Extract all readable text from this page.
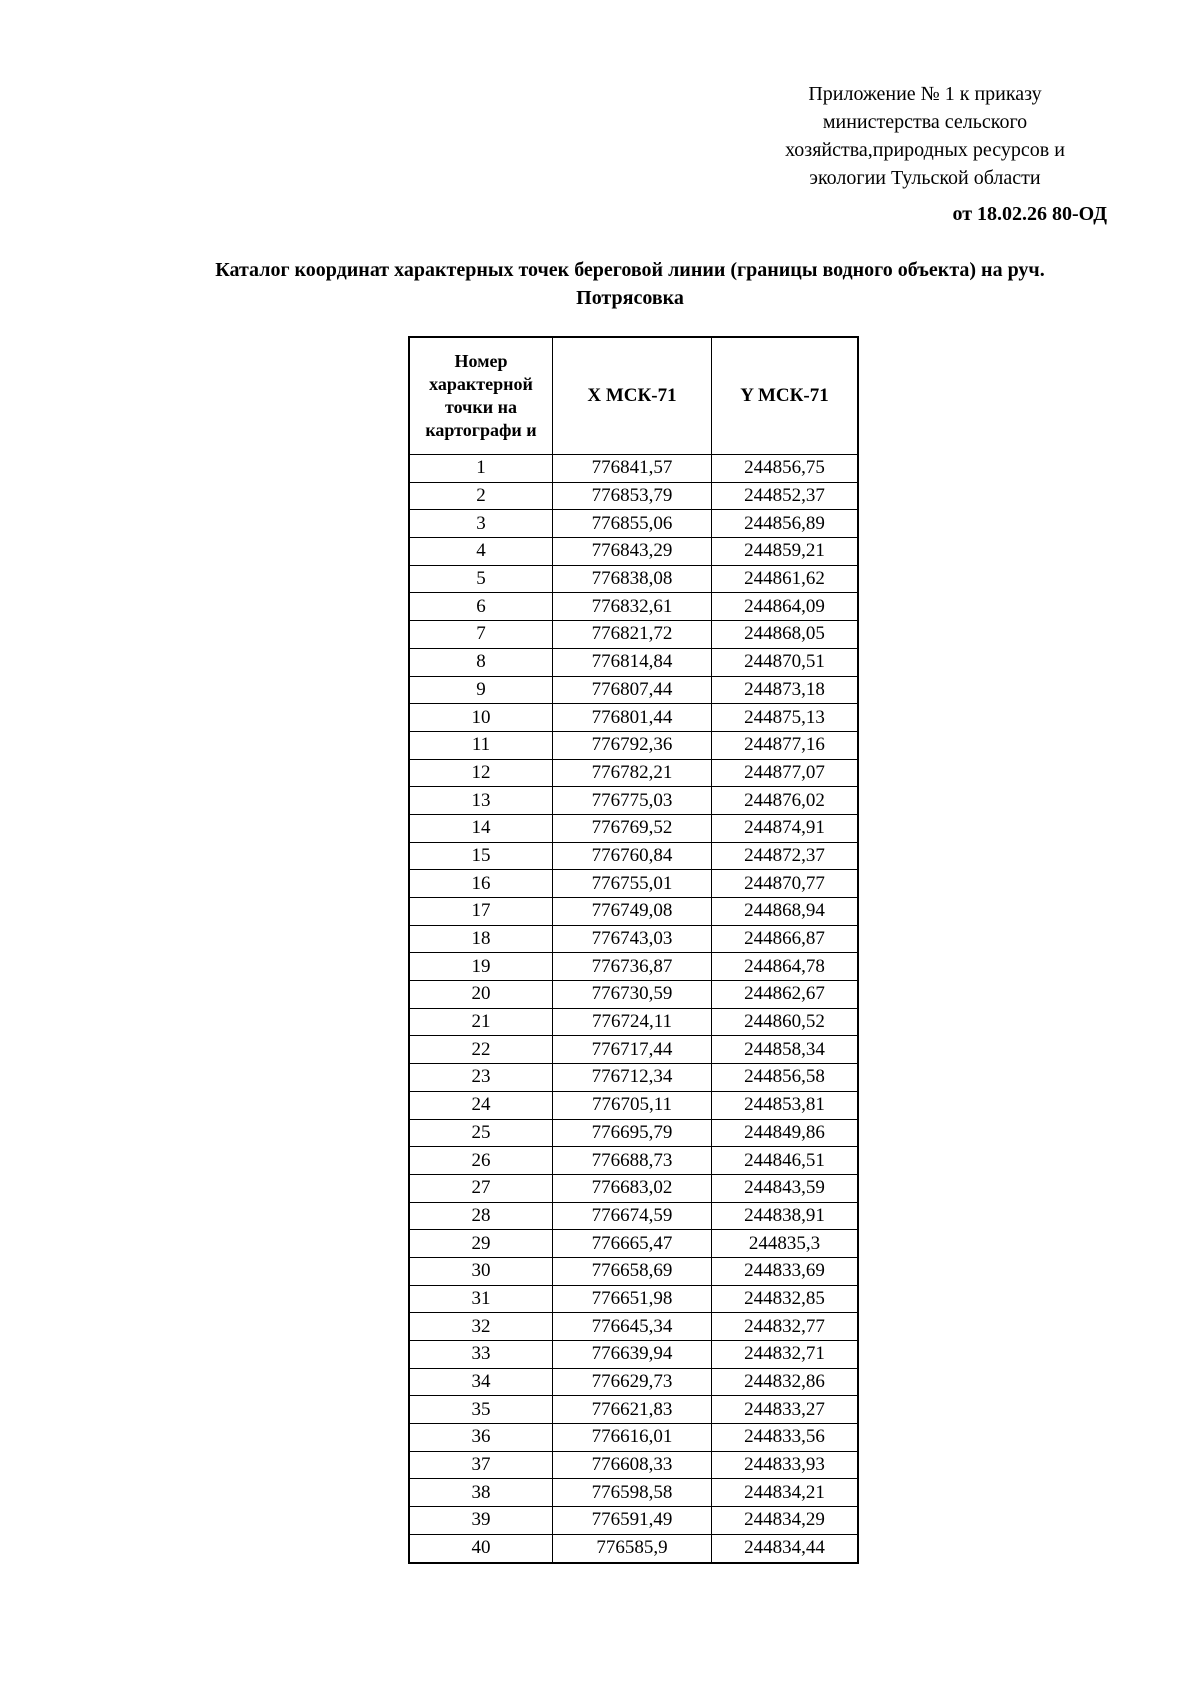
Приложение № 1 к приказу
министерства сельского
хозяйства,природных ресурсов и
экологии Тульской области
от 18.02.26 80-ОД
Каталог координат характерных точек береговой линии (границы водного объекта) на руч.
Потрясовка
Номер характерной точки на картографи и	X МСК-71	Y МСК-71
1	776841,57	244856,75
2	776853,79	244852,37
3	776855,06	244856,89
4	776843,29	244859,21
5	776838,08	244861,62
6	776832,61	244864,09
7	776821,72	244868,05
8	776814,84	244870,51
9	776807,44	244873,18
10	776801,44	244875,13
11	776792,36	244877,16
12	776782,21	244877,07
13	776775,03	244876,02
14	776769,52	244874,91
15	776760,84	244872,37
16	776755,01	244870,77
17	776749,08	244868,94
18	776743,03	244866,87
19	776736,87	244864,78
20	776730,59	244862,67
21	776724,11	244860,52
22	776717,44	244858,34
23	776712,34	244856,58
24	776705,11	244853,81
25	776695,79	244849,86
26	776688,73	244846,51
27	776683,02	244843,59
28	776674,59	244838,91
29	776665,47	244835,3
30	776658,69	244833,69
31	776651,98	244832,85
32	776645,34	244832,77
33	776639,94	244832,71
34	776629,73	244832,86
35	776621,83	244833,27
36	776616,01	244833,56
37	776608,33	244833,93
38	776598,58	244834,21
39	776591,49	244834,29
40	776585,9	244834,44
